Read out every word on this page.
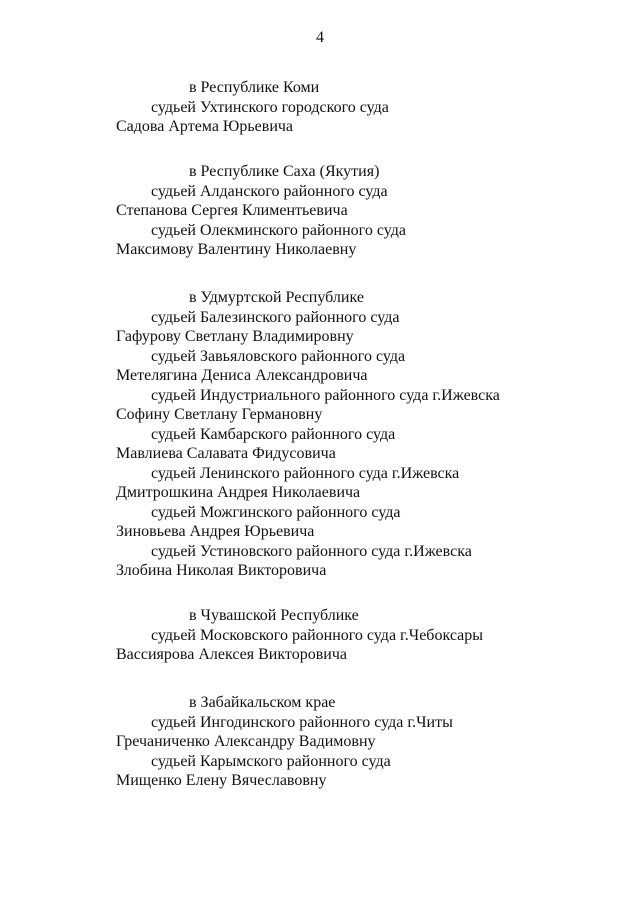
4
в Республике Коми
судьей Ухтинского городского суда
Садова Артема Юрьевича
в Республике Саха (Якутия)
судьей Алданского районного суда
Степанова Сергея Климентьевича
судьей Олекминского районного суда
Максимову Валентину Николаевну
в Удмуртской Республике
судьей Балезинского районного суда
Гафурову Светлану Владимировну
судьей Завьяловского районного суда
Метелягина Дениса Александровича
судьей Индустриального районного суда г.Ижевска
Софину Светлану Германовну
судьей Камбарского районного суда
Мавлиева Салавата Фидусовича
судьей Ленинского районного суда г.Ижевска
Дмитрошкина Андрея Николаевича
судьей Можгинского районного суда
Зиновьева Андрея Юрьевича
судьей Устиновского районного суда г.Ижевска
Злобина Николая Викторовича
в Чувашской Республике
судьей Московского районного суда г.Чебоксары
Вассиярова Алексея Викторовича
в Забайкальском крае
судьей Ингодинского районного суда г.Читы
Гречаниченко Александру Вадимовну
судьей Карымского районного суда
Мищенко Елену Вячеславовну
